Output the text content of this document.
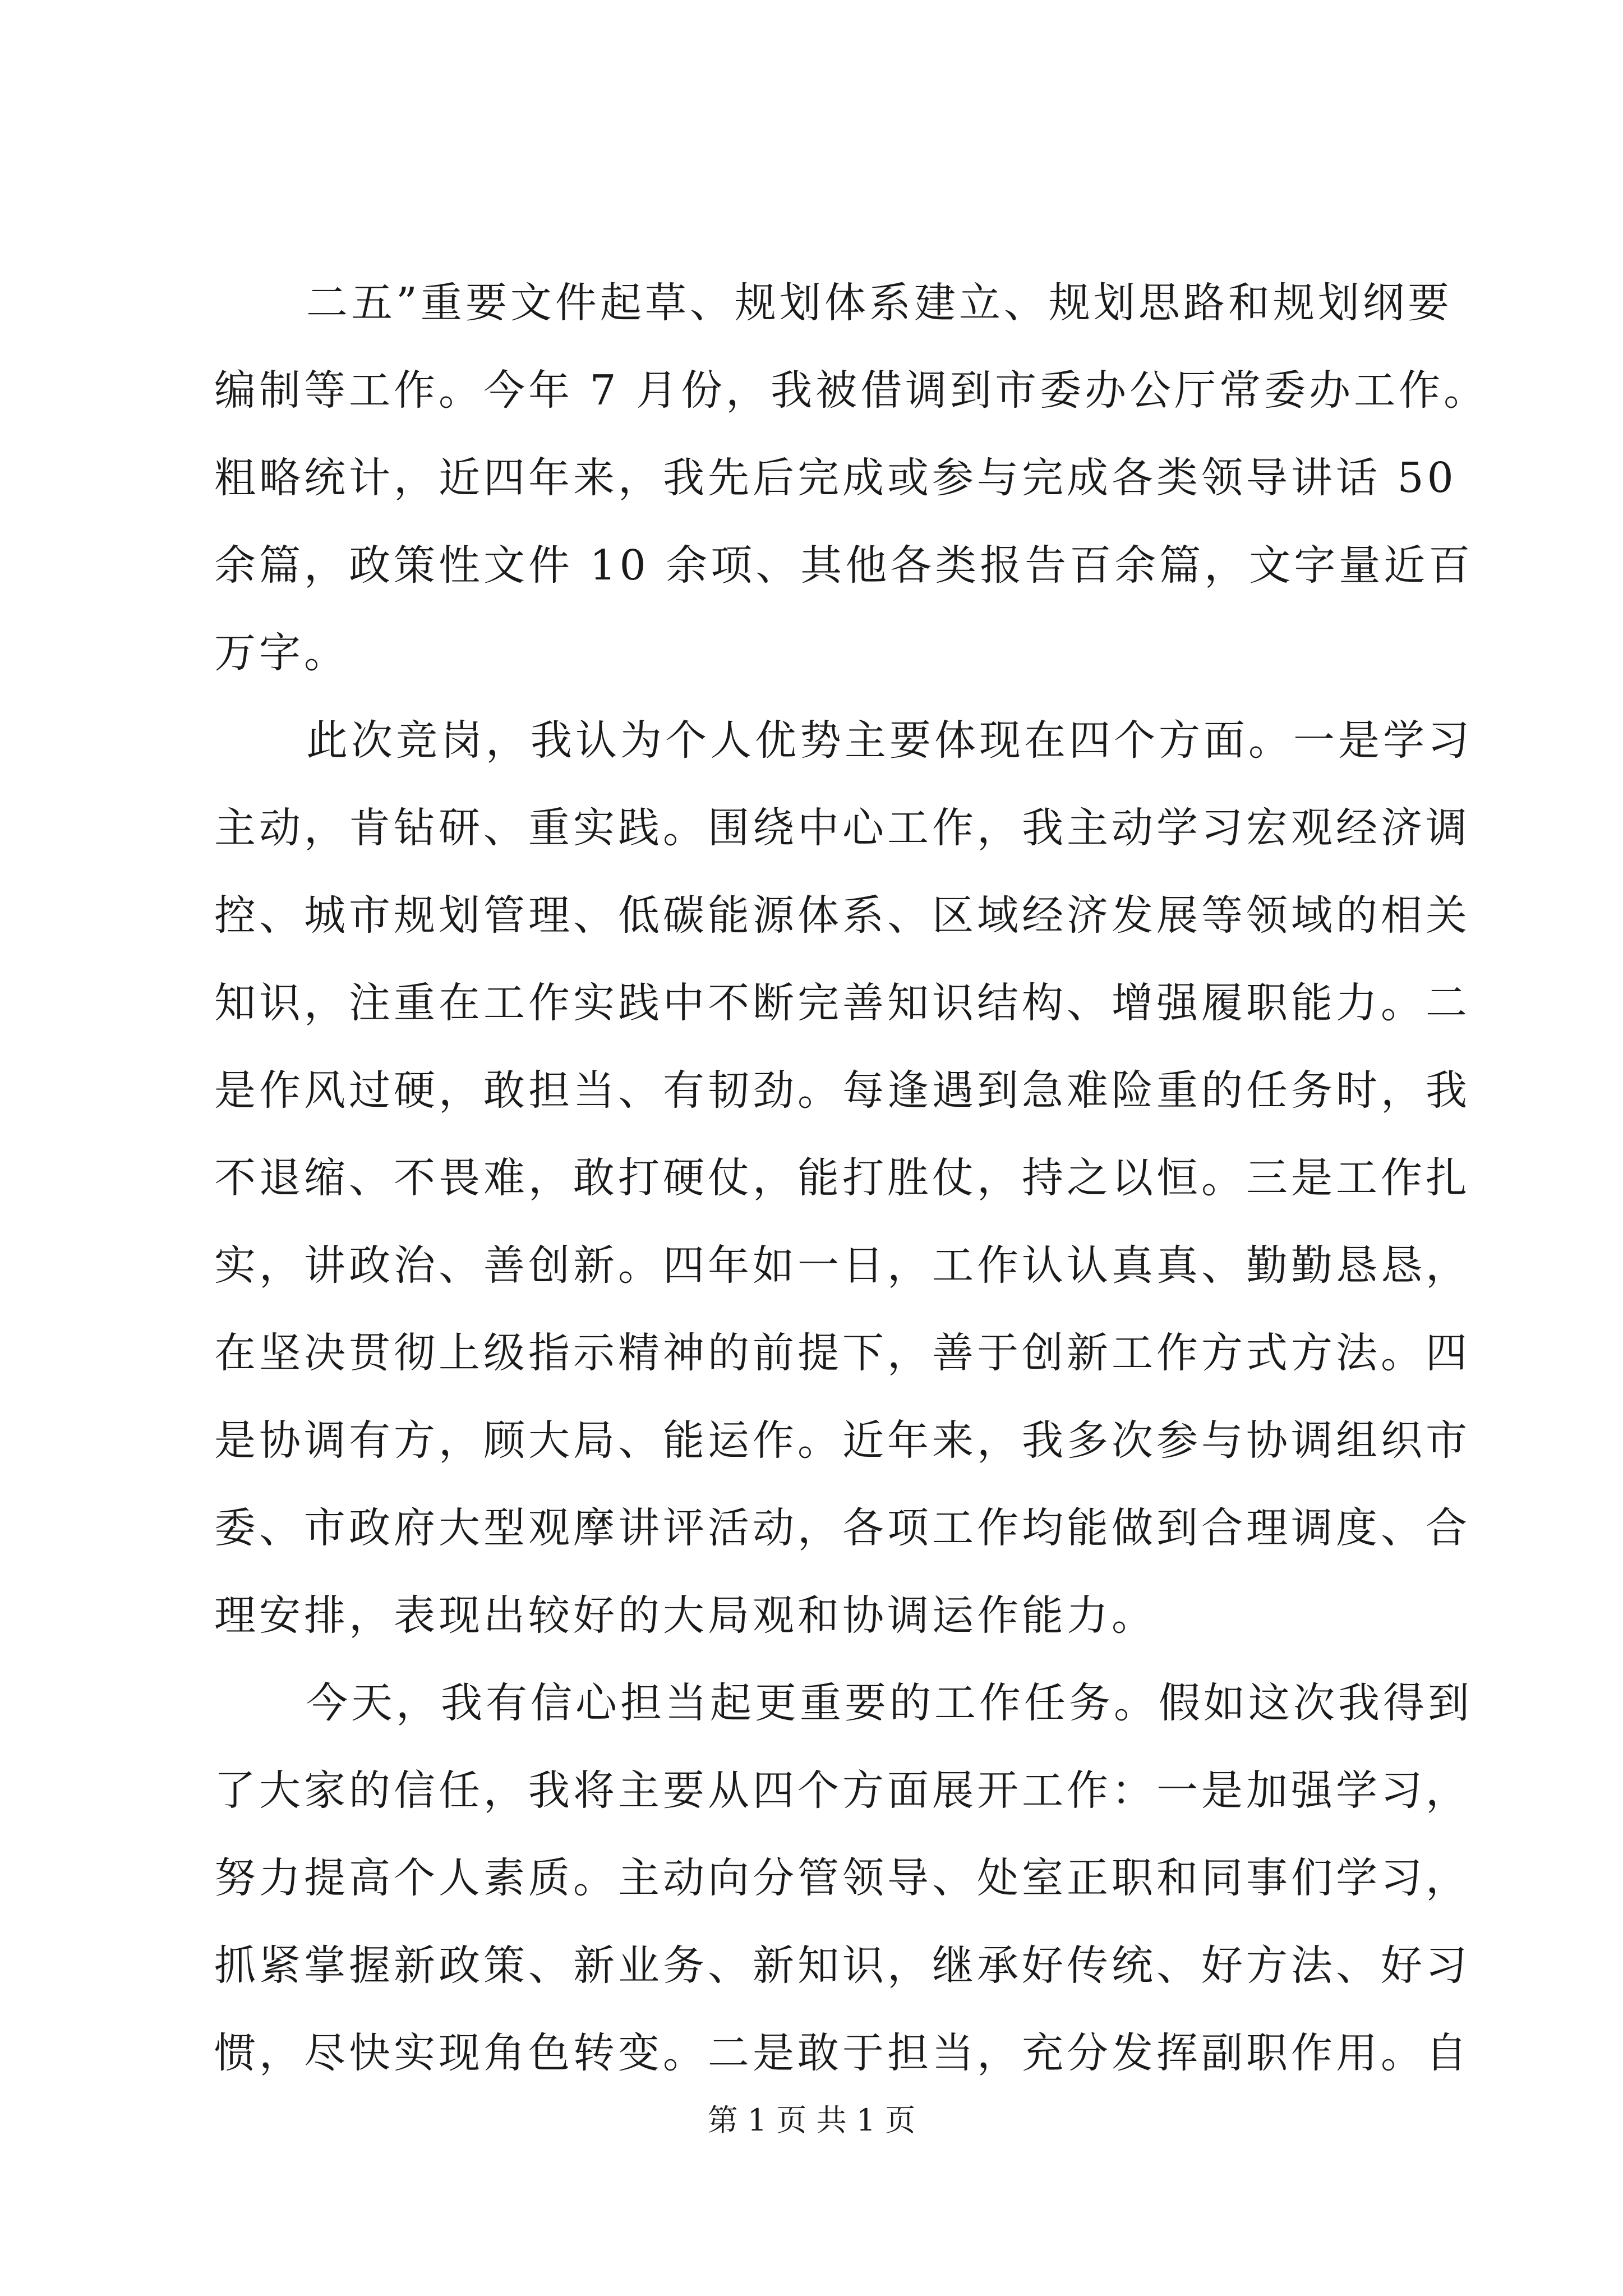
二五”重要文件起草、规划体系建立、规划思路和规划纲要
编制等工作。今年 7 月份，我被借调到市委办公厅常委办工作。
粗略统计，近四年来，我先后完成或参与完成各类领导讲话 50
余篇，政策性文件 10 余项、其他各类报告百余篇，文字量近百
万字。
此次竞岗，我认为个人优势主要体现在四个方面。一是学习
主动，肯钻研、重实践。围绕中心工作，我主动学习宏观经济调
控、城市规划管理、低碳能源体系、区域经济发展等领域的相关
知识，注重在工作实践中不断完善知识结构、增强履职能力。二
是作风过硬，敢担当、有韧劲。每逢遇到急难险重的任务时，我
不退缩、不畏难，敢打硬仗，能打胜仗，持之以恒。三是工作扎
实，讲政治、善创新。四年如一日，工作认认真真、勤勤恳恳，
在坚决贯彻上级指示精神的前提下，善于创新工作方式方法。四
是协调有方，顾大局、能运作。近年来，我多次参与协调组织市
委、市政府大型观摩讲评活动，各项工作均能做到合理调度、合
理安排，表现出较好的大局观和协调运作能力。
今天，我有信心担当起更重要的工作任务。假如这次我得到
了大家的信任，我将主要从四个方面展开工作：一是加强学习，
努力提高个人素质。主动向分管领导、处室正职和同事们学习，
抓紧掌握新政策、新业务、新知识，继承好传统、好方法、好习
惯，尽快实现角色转变。二是敢于担当，充分发挥副职作用。自
第 1 页 共 1 页
